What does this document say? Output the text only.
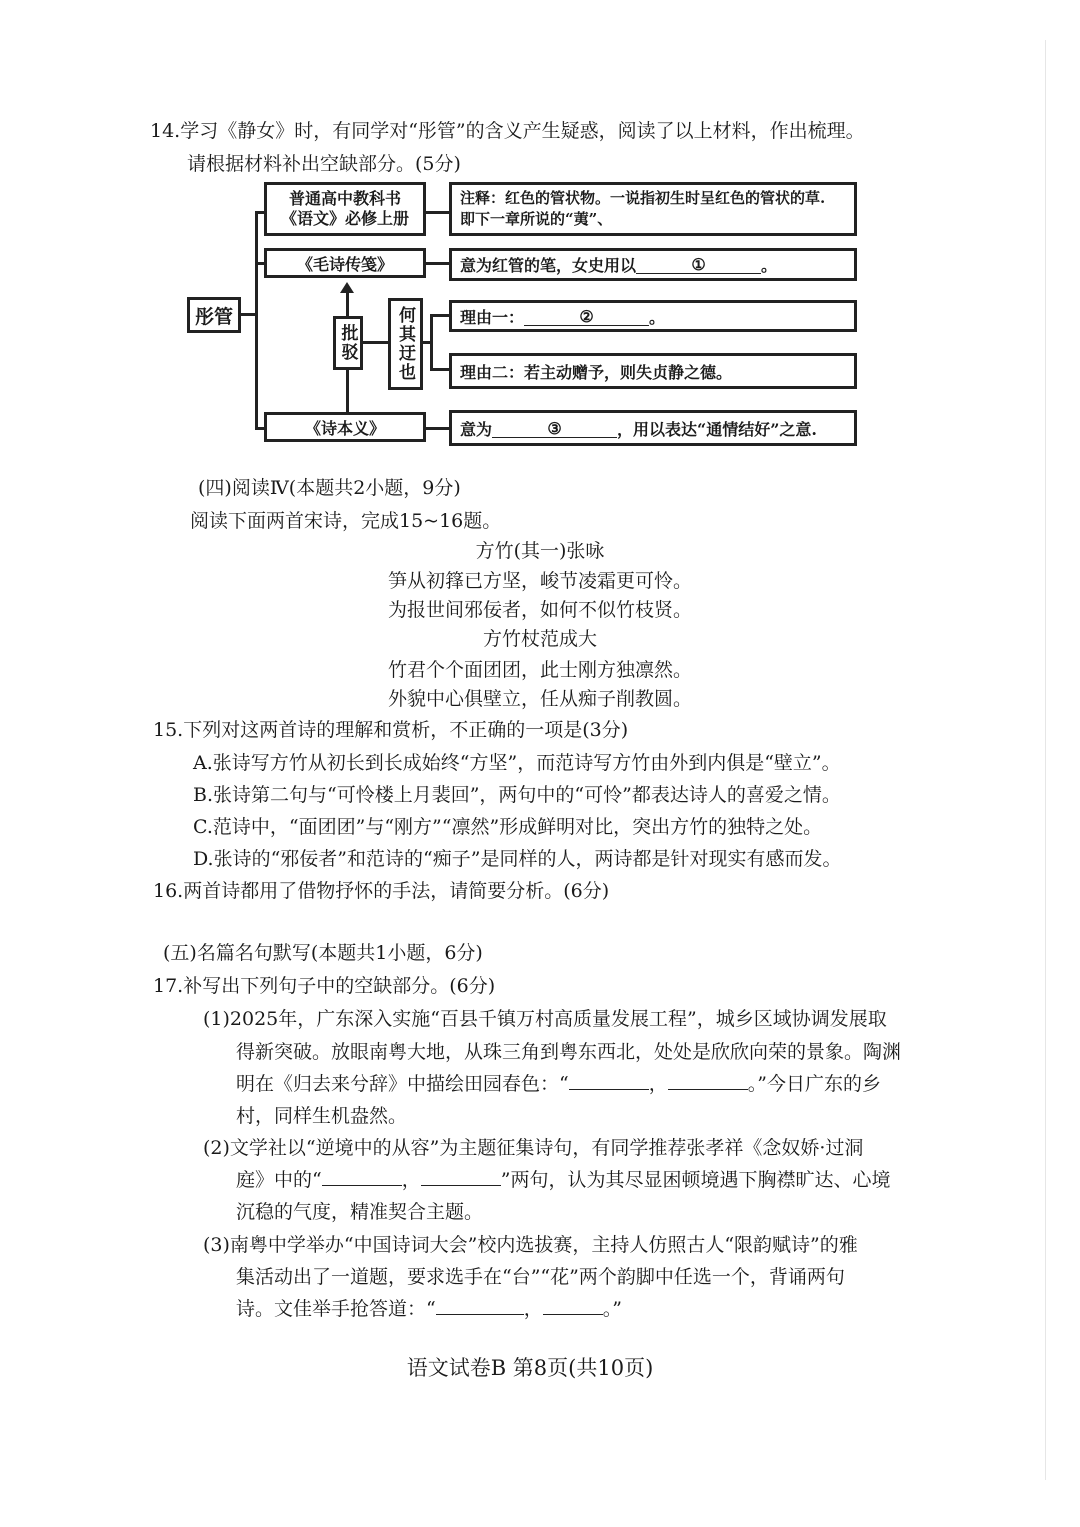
14.学习《静女》时，有同学对“彤管”的含义产生疑惑，阅读了以上材料，作出梳理。
请根据材料补出空缺部分。(5分)
彤管
普通高中教科书
《语文》必修上册
注释：红色的管状物。一说指初生时呈红色的管状的草.
即下一章所说的“荑”、
《毛诗传笺》	意为红管的笔，女史用以	①	。
批驳	何其迂也	理由一：	②	。
理由二：若主动赠予，则失贞静之德。
《诗本义》	意为	③	，用以表达“通情结好”之意.
(四)阅读Ⅳ(本题共2小题，9分)
阅读下面两首宋诗，完成15~16题。
方竹(其一)张咏
笋从初箨已方坚，峻节凌霜更可怜。
为报世间邪佞者，如何不似竹枝贤。
方竹杖范成大
竹君个个面团团，此士刚方独凛然。
外貌中心俱壁立，任从痴子削教圆。
15.下列对这两首诗的理解和赏析，不正确的一项是(3分)
A.张诗写方竹从初长到长成始终“方坚”，而范诗写方竹由外到内俱是“壁立”。
B.张诗第二句与“可怜楼上月裴回”，两句中的“可怜”都表达诗人的喜爱之情。
C.范诗中，“面团团”与“刚方”“凛然”形成鲜明对比，突出方竹的独特之处。
D.张诗的“邪佞者”和范诗的“痴子”是同样的人，两诗都是针对现实有感而发。
16.两首诗都用了借物抒怀的手法，请简要分析。(6分)
(五)名篇名句默写(本题共1小题，6分)
17.补写出下列句子中的空缺部分。(6分)
(1)2025年，广东深入实施“百县千镇万村高质量发展工程”，城乡区域协调发展取
得新突破。放眼南粤大地，从珠三角到粤东西北，处处是欣欣向荣的景象。陶渊
明在《归去来兮辞》中描绘田园春色：“	，	。”今日广东的乡
村，同样生机盎然。
(2)文学社以“逆境中的从容”为主题征集诗句，有同学推荐张孝祥《念奴娇·过洞
庭》中的“	，	”两句，认为其尽显困顿境遇下胸襟旷达、心境
沉稳的气度，精准契合主题。
(3)南粤中学举办“中国诗词大会”校内选拔赛，主持人仿照古人“限韵赋诗”的雅
集活动出了一道题，要求选手在“台”“花”两个韵脚中任选一个，背诵两句
诗。文佳举手抢答道：“	，	。”
语文试卷B 第8页(共10页)
